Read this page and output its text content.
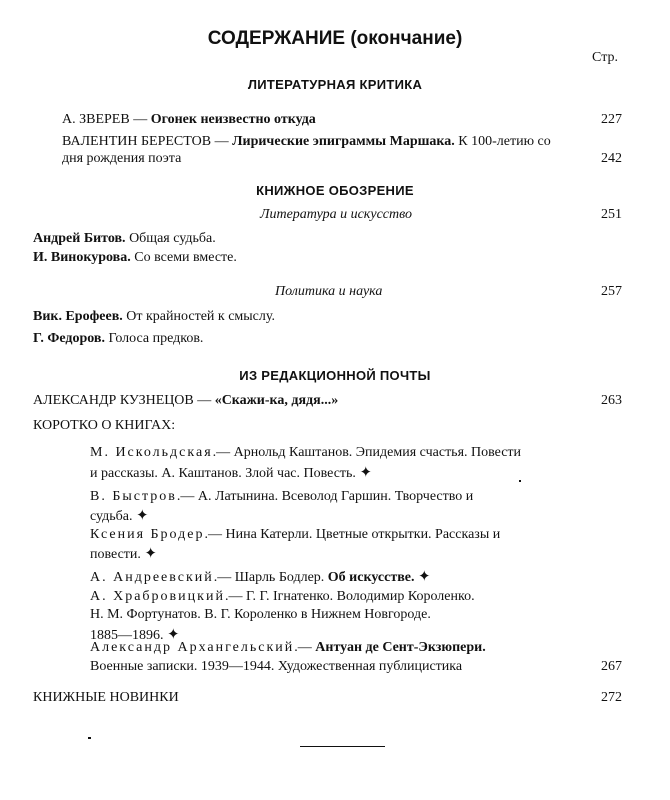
СОДЕРЖАНИЕ (окончание)
Стр.
ЛИТЕРАТУРНАЯ КРИТИКА
А. ЗВЕРЕВ — Огонек неизвестно откуда	227
ВАЛЕНТИН БЕРЕСТОВ — Лирические эпиграммы Маршака. К 100-летию со
дня рождения поэта	242
КНИЖНОЕ ОБОЗРЕНИЕ
Литература и искусство	251
Андрей Битов. Общая судьба.
И. Винокурова. Со всеми вместе.
Политика и наука	257
Вик. Ерофеев. От крайностей к смыслу.
Г. Федоров. Голоса предков.
ИЗ РЕДАКЦИОННОЙ ПОЧТЫ
АЛЕКСАНДР КУЗНЕЦОВ — «Скажи-ка, дядя...»	263
КОРОТКО О КНИГАХ:
М. Искольдская.— Арнольд Каштанов. Эпидемия счастья. Повести
и рассказы. А. Каштанов. Злой час. Повесть. ✦
В. Быстров.— А. Латынина. Всеволод Гаршин. Творчество и
судьба. ✦
Ксения Бродер.— Нина Катерли. Цветные открытки. Рассказы и
повести. ✦
А. Андреевский.— Шарль Бодлер. Об искусстве. ✦
А. Храбровицкий.— Г. Г. Ігнатенко. Володимир Короленко.
Н. М. Фортунатов. В. Г. Короленко в Нижнем Новгороде.
1885—1896. ✦
Александр Архангельский.— Антуан де Сент-Экзюпери.
Военные записки. 1939—1944. Художественная публицистика	267
КНИЖНЫЕ НОВИНКИ	272
